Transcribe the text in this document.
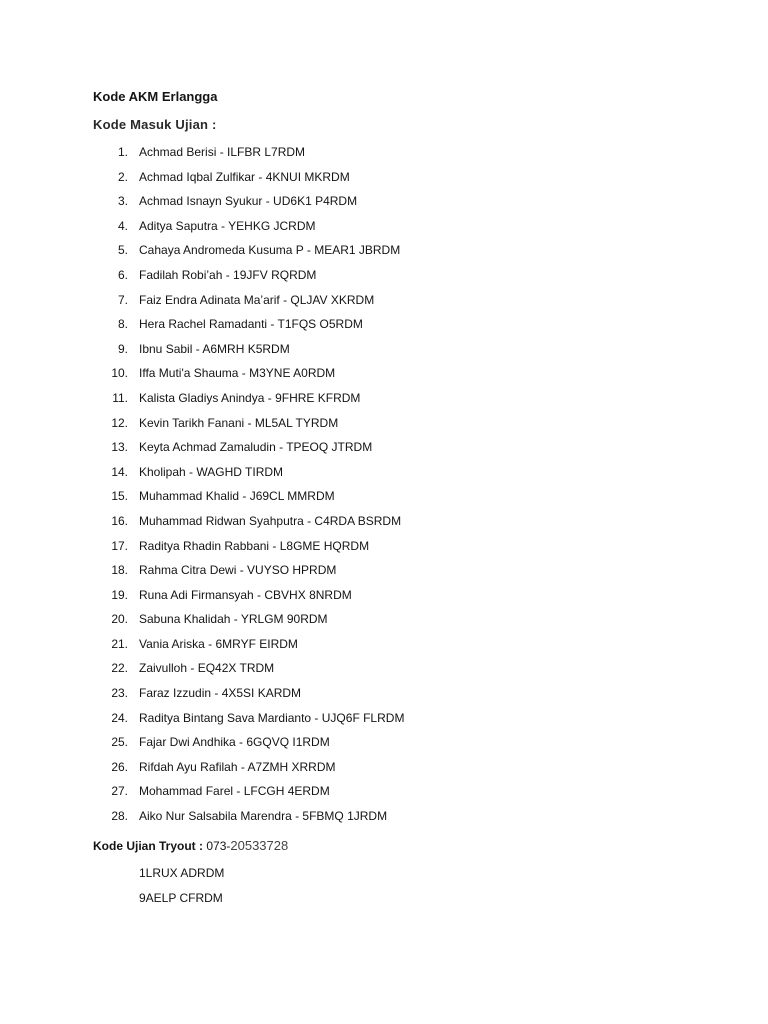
Kode AKM Erlangga
Kode Masuk Ujian :
1. Achmad Berisi - ILFBR L7RDM
2. Achmad Iqbal Zulfikar - 4KNUI MKRDM
3. Achmad Isnayn Syukur - UD6K1 P4RDM
4. Aditya Saputra - YEHKG JCRDM
5. Cahaya Andromeda Kusuma P - MEAR1 JBRDM
6. Fadilah Robi’ah - 19JFV RQRDM
7. Faiz Endra Adinata Ma’arif - QLJAV XKRDM
8. Hera Rachel Ramadanti - T1FQS O5RDM
9. Ibnu Sabil - A6MRH K5RDM
10. Iffa Muti'a Shauma - M3YNE A0RDM
11. Kalista Gladiys Anindya - 9FHRE KFRDM
12. Kevin Tarikh Fanani - ML5AL TYRDM
13. Keyta Achmad Zamaludin - TPEOQ JTRDM
14. Kholipah - WAGHD TIRDM
15. Muhammad Khalid - J69CL MMRDM
16. Muhammad Ridwan Syahputra - C4RDA BSRDM
17. Raditya Rhadin Rabbani - L8GME HQRDM
18. Rahma Citra Dewi - VUYSO HPRDM
19. Runa Adi Firmansyah - CBVHX 8NRDM
20. Sabuna Khalidah - YRLGM 90RDM
21. Vania Ariska - 6MRYF EIRDM
22. Zaivulloh - EQ42X TRDM
23. Faraz Izzudin - 4X5SI KARDM
24. Raditya Bintang Sava Mardianto - UJQ6F FLRDM
25. Fajar Dwi Andhika - 6GQVQ I1RDM
26. Rifdah Ayu Rafilah - A7ZMH XRRDM
27. Mohammad Farel - LFCGH 4ERDM
28. Aiko Nur Salsabila Marendra - 5FBMQ 1JRDM
Kode Ujian Tryout : 073-20533728
1LRUX ADRDM
9AELP CFRDM
